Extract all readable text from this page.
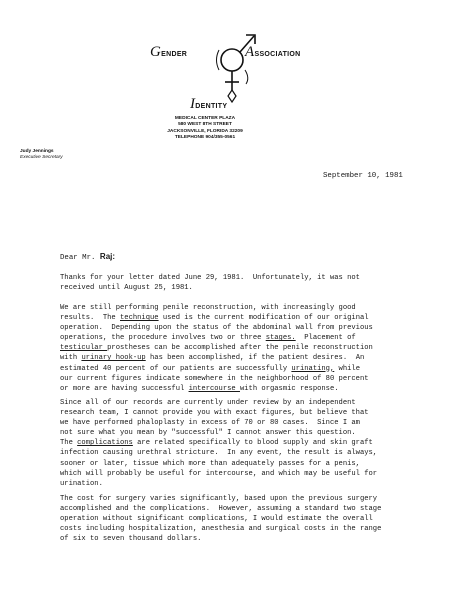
GENDER	ASSOCIATION
IDENTITY
MEDICAL CENTER PLAZA
580 WEST 8TH STREET
JACKSONVILLE, FLORIDA 32209
TELEPHONE 904/355-0561
Judy Jennings
Executive Secretary
September 10, 1981
Dear Mr. Raj:
Thanks for your letter dated June 29, 1981.  Unfortunately, it was not
received until August 25, 1981.
We are still performing penile reconstruction, with increasingly good
results.  The technique used is the current modification of our original
operation.  Depending upon the status of the abdominal wall from previous
operations, the procedure involves two or three stages.  Placement of
testicular prostheses can be accomplished after the penile reconstruction
with urinary hook-up has been accomplished, if the patient desires.  An
estimated 40 percent of our patients are successfully urinating, while
our current figures indicate somewhere in the neighborhood of 80 percent
or more are having successful intercourse with orgasmic response.
Since all of our records are currently under review by an independent
research team, I cannot provide you with exact figures, but believe that
we have performed phaloplasty in excess of 70 or 80 cases.  Since I am
not sure what you mean by "successful" I cannot answer this question.
The complications are related specifically to blood supply and skin graft
infection causing urethral stricture.  In any event, the result is always,
sooner or later, tissue which more than adequately passes for a penis,
which will probably be useful for intercourse, and which may be useful for
urination.
The cost for surgery varies significantly, based upon the previous surgery
accomplished and the complications.  However, assuming a standard two stage
operation without significant complications, I would estimate the overall
costs including hospitalization, anesthesia and surgical costs in the range
of six to seven thousand dollars.
